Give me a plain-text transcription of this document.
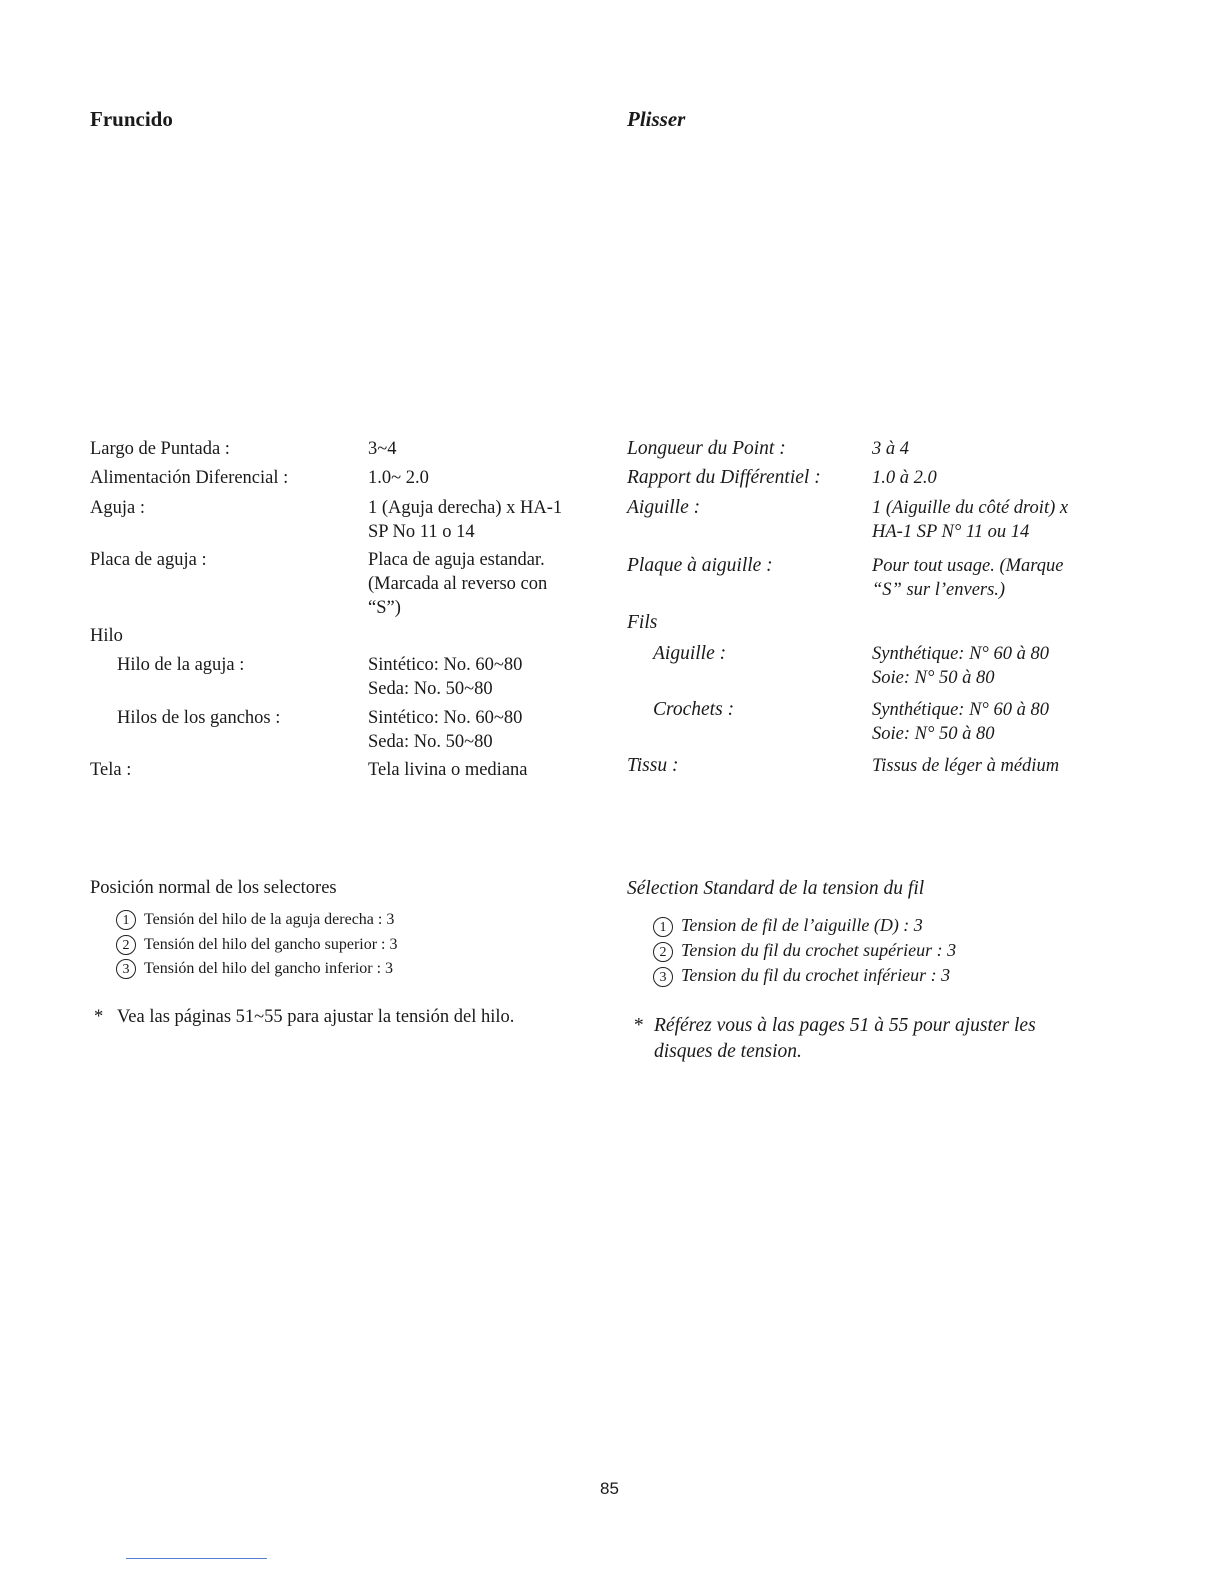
Fruncido	Plisser
Largo de Puntada :
Alimentación Diferencial :
Aguja :
Placa de aguja :
Hilo
Hilo de la aguja :
Hilos de los ganchos :
Tela :
3~4
1.0~ 2.0
1 (Aguja derecha) x HA-1
SP No 11 o 14
Placa de aguja estandar.
(Marcada al reverso con
“S”)
Sintético: No. 60~80
Seda: No. 50~80
Sintético: No. 60~80
Seda: No. 50~80
Tela livina o mediana
Longueur du Point :
Rapport du Différentiel :
Aiguille :
Plaque à aiguille :
Fils
Aiguille :
Crochets :
Tissu :
3 à 4
1.0 à 2.0
1 (Aiguille du côté droit) x
HA-1 SP N° 11 ou 14
Pour tout usage. (Marque
“S” sur l’envers.)
Synthétique: N° 60 à 80
Soie: N° 50 à 80
Synthétique: N° 60 à 80
Soie: N° 50 à 80
Tissus de léger à médium
Posición normal de los selectores
1 Tensión del hilo de la aguja derecha : 3
2 Tensión del hilo del gancho superior : 3
3 Tensión del hilo del gancho inferior : 3
* Vea las páginas 51~55 para ajustar la tensión del hilo.
Sélection Standard de la tension du fil
1 Tension de fil de l’aiguille (D) : 3
2 Tension du fil du crochet supérieur : 3
3 Tension du fil du crochet inférieur : 3
* Référez vous à las pages 51 à 55 pour ajuster les
disques de tension.
85
